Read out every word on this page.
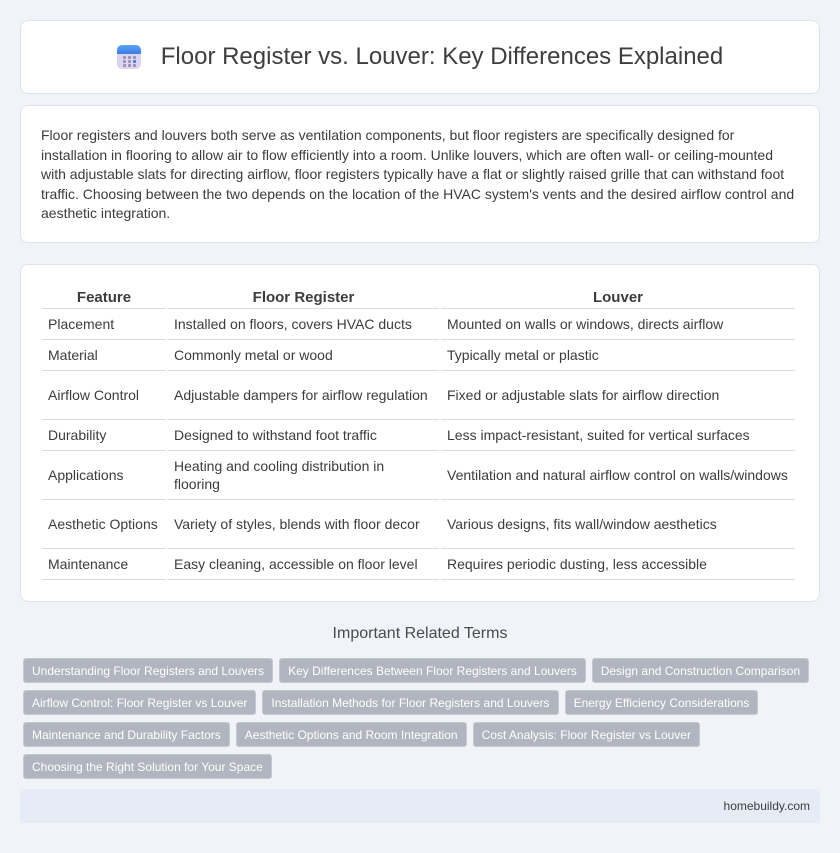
Floor Register vs. Louver: Key Differences Explained

Floor registers and louvers both serve as ventilation components, but floor registers are specifically designed for installation in flooring to allow air to flow efficiently into a room. Unlike louvers, which are often wall- or ceiling-mounted with adjustable slats for directing airflow, floor registers typically have a flat or slightly raised grille that can withstand foot traffic. Choosing between the two depends on the location of the HVAC system's vents and the desired airflow control and aesthetic integration.

Feature	Floor Register	Louver
Placement	Installed on floors, covers HVAC ducts	Mounted on walls or windows, directs airflow
Material	Commonly metal or wood	Typically metal or plastic
Airflow Control	Adjustable dampers for airflow regulation	Fixed or adjustable slats for airflow direction
Durability	Designed to withstand foot traffic	Less impact-resistant, suited for vertical surfaces
Applications	Heating and cooling distribution in flooring	Ventilation and natural airflow control on walls/windows
Aesthetic Options	Variety of styles, blends with floor decor	Various designs, fits wall/window aesthetics
Maintenance	Easy cleaning, accessible on floor level	Requires periodic dusting, less accessible
Important Related Terms
Understanding Floor Registers and Louvers	Key Differences Between Floor Registers and Louvers	Design and Construction Comparison
Airflow Control: Floor Register vs Louver	Installation Methods for Floor Registers and Louvers	Energy Efficiency Considerations
Maintenance and Durability Factors	Aesthetic Options and Room Integration	Cost Analysis: Floor Register vs Louver
Choosing the Right Solution for Your Space
homebuildy.com
